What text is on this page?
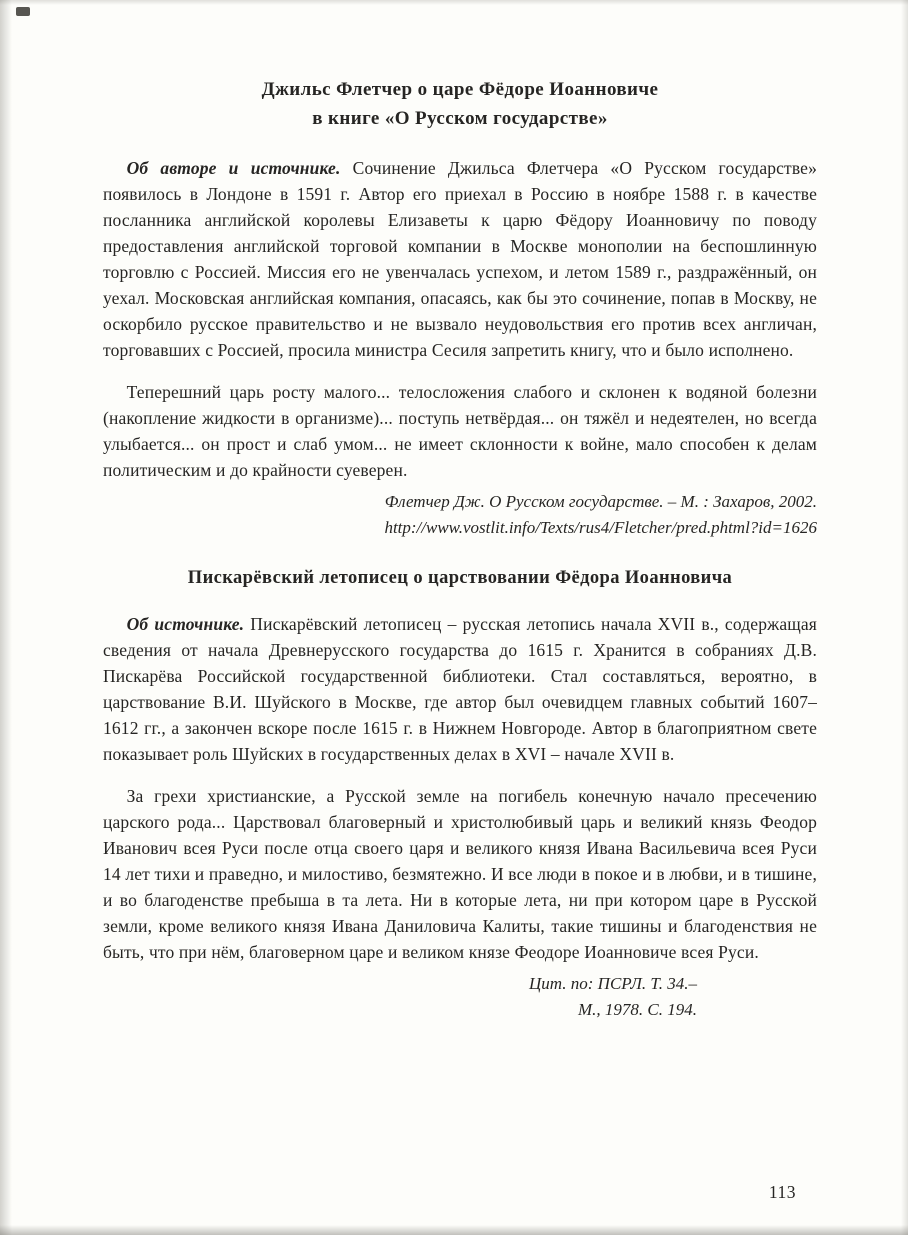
Джильс Флетчер о царе Фёдоре Иоанновиче
в книге «О Русском государстве»

Об авторе и источнике. Сочинение Джильса Флетчера «О Русском государстве» появилось в Лондоне в 1591 г. Автор его приехал в Россию в ноябре 1588 г. в качестве посланника английской королевы Елизаветы к царю Фёдору Иоанновичу по поводу предоставления английской торговой компании в Москве монополии на беспошлинную торговлю с Россией. Миссия его не увенчалась успехом, и летом 1589 г., раздражённый, он уехал. Московская английская компания, опасаясь, как бы это сочинение, попав в Москву, не оскорбило русское правительство и не вызвало неудовольствия его против всех англичан, торговавших с Россией, просила министра Сесиля запретить книгу, что и было исполнено.

Теперешний царь росту малого... телосложения слабого и склонен к водяной болезни (накопление жидкости в организме)... поступь нетвёрдая... он тяжёл и недеятелен, но всегда улыбается... он прост и слаб умом... не имеет склонности к войне, мало способен к делам политическим и до крайности суеверен.

Флетчер Дж. О Русском государстве. – М. : Захаров, 2002.
http://www.vostlit.info/Texts/rus4/Fletcher/pred.phtml?id=1626
Пискарёвский летописец о царствовании Фёдора Иоанновича

Об источнике. Пискарёвский летописец – русская летопись начала XVII в., содержащая сведения от начала Древнерусского государства до 1615 г. Хранится в собраниях Д.В. Пискарёва Российской государственной библиотеки. Стал составляться, вероятно, в царствование В.И. Шуйского в Москве, где автор был очевидцем главных событий 1607–1612 гг., а закончен вскоре после 1615 г. в Нижнем Новгороде. Автор в благоприятном свете показывает роль Шуйских в государственных делах в XVI – начале XVII в.

За грехи христианские, а Русской земле на погибель конечную начало пресечению царского рода... Царствовал благоверный и христолюбивый царь и великий князь Феодор Иванович всея Руси после отца своего царя и великого князя Ивана Васильевича всея Руси 14 лет тихи и праведно, и милостиво, безмятежно. И все люди в покое и в любви, и в тишине, и во благоденстве пребыша в та лета. Ни в которые лета, ни при котором царе в Русской земли, кроме великого князя Ивана Даниловича Калиты, такие тишины и благоденствия не быть, что при нём, благоверном царе и великом князе Феодоре Иоанновиче всея Руси.

Цит. по: ПСРЛ. Т. 34.–
М., 1978. С. 194.
113
